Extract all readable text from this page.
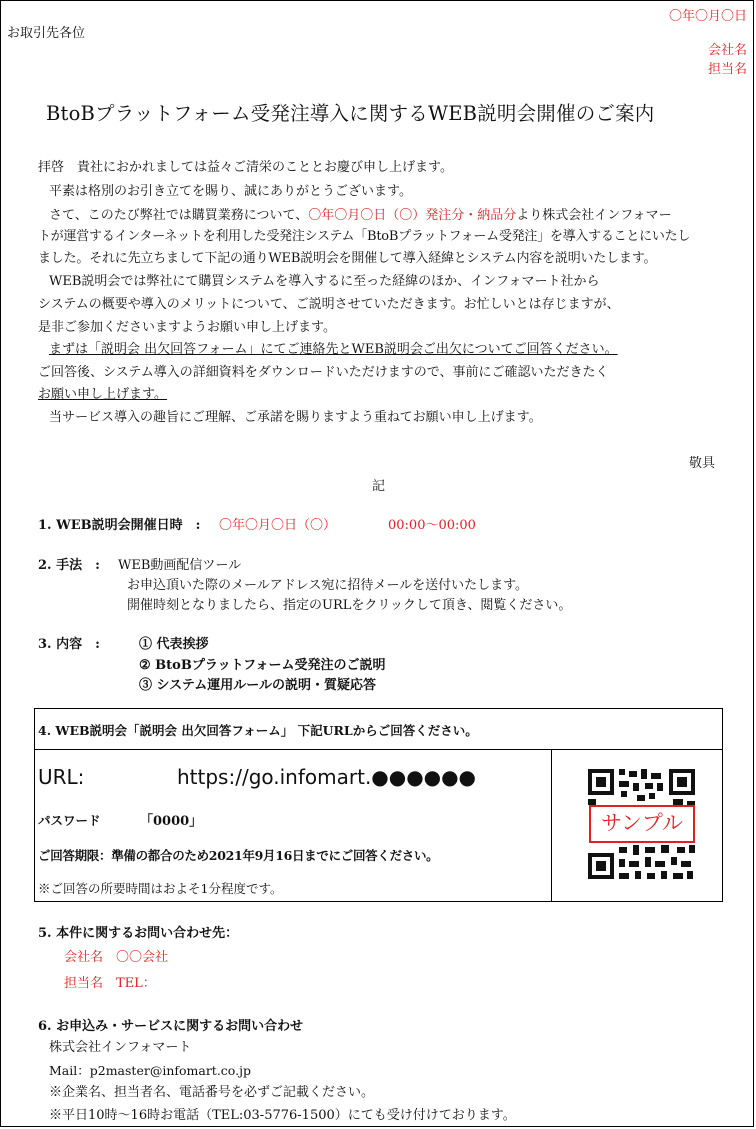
〇年〇月〇日
お取引先各位
会社名
担当名
BtoBプラットフォーム受発注導入に関するWEB説明会開催のご案内
拝啓　貴社におかれましては益々ご清栄のこととお慶び申し上げます。
平素は格別のお引き立てを賜り、誠にありがとうございます。
さて、このたび弊社では購買業務について、〇年〇月〇日（〇）発注分・納品分より株式会社インフォマー
トが運営するインターネットを利用した受発注システム「BtoBプラットフォーム受発注」を導入することにいたし
ました。それに先立ちまして下記の通りWEB説明会を開催して導入経緯とシステム内容を説明いたします。
WEB説明会では弊社にて購買システムを導入するに至った経緯のほか、インフォマート社から
システムの概要や導入のメリットについて、ご説明させていただきます。お忙しいとは存じますが、
是非ご参加くださいますようお願い申し上げます。
まずは「説明会 出欠回答フォーム」にてご連絡先とWEB説明会ご出欠についてご回答ください。
ご回答後、システム導入の詳細資料をダウンロードいただけますので、事前にご確認いただきたく
お願い申し上げます。
当サービス導入の趣旨にご理解、ご承諾を賜りますよう重ねてお願い申し上げます。
敬具
記
1. WEB説明会開催日時　: 〇年〇月〇日（〇）	00:00～00:00
2. 手法　: WEB動画配信ツール
お申込頂いた際のメールアドレス宛に招待メールを送付いたします。
開催時刻となりましたら、指定のURLをクリックして頂き、閲覧ください。
3. 内容　:	① 代表挨拶
② BtoBプラットフォーム受発注のご説明
③ システム運用ルールの説明・質疑応答
4. WEB説明会「説明会 出欠回答フォーム」 下記URLからご回答ください。
URL:	https://go.infomart.●●●●●●
パスワード	「0000」
ご回答期限：準備の都合のため2021年9月16日までにご回答ください。
※ご回答の所要時間はおよそ1分程度です。
サンプル
5. 本件に関するお問い合わせ先：
会社名　〇〇会社
担当名　TEL：
6. お申込み・サービスに関するお問い合わせ
株式会社インフォマート
Mail：p2master@infomart.co.jp
※企業名、担当者名、電話番号を必ずご記載ください。
※平日10時～16時お電話（TEL:03-5776-1500）にても受け付けております。
